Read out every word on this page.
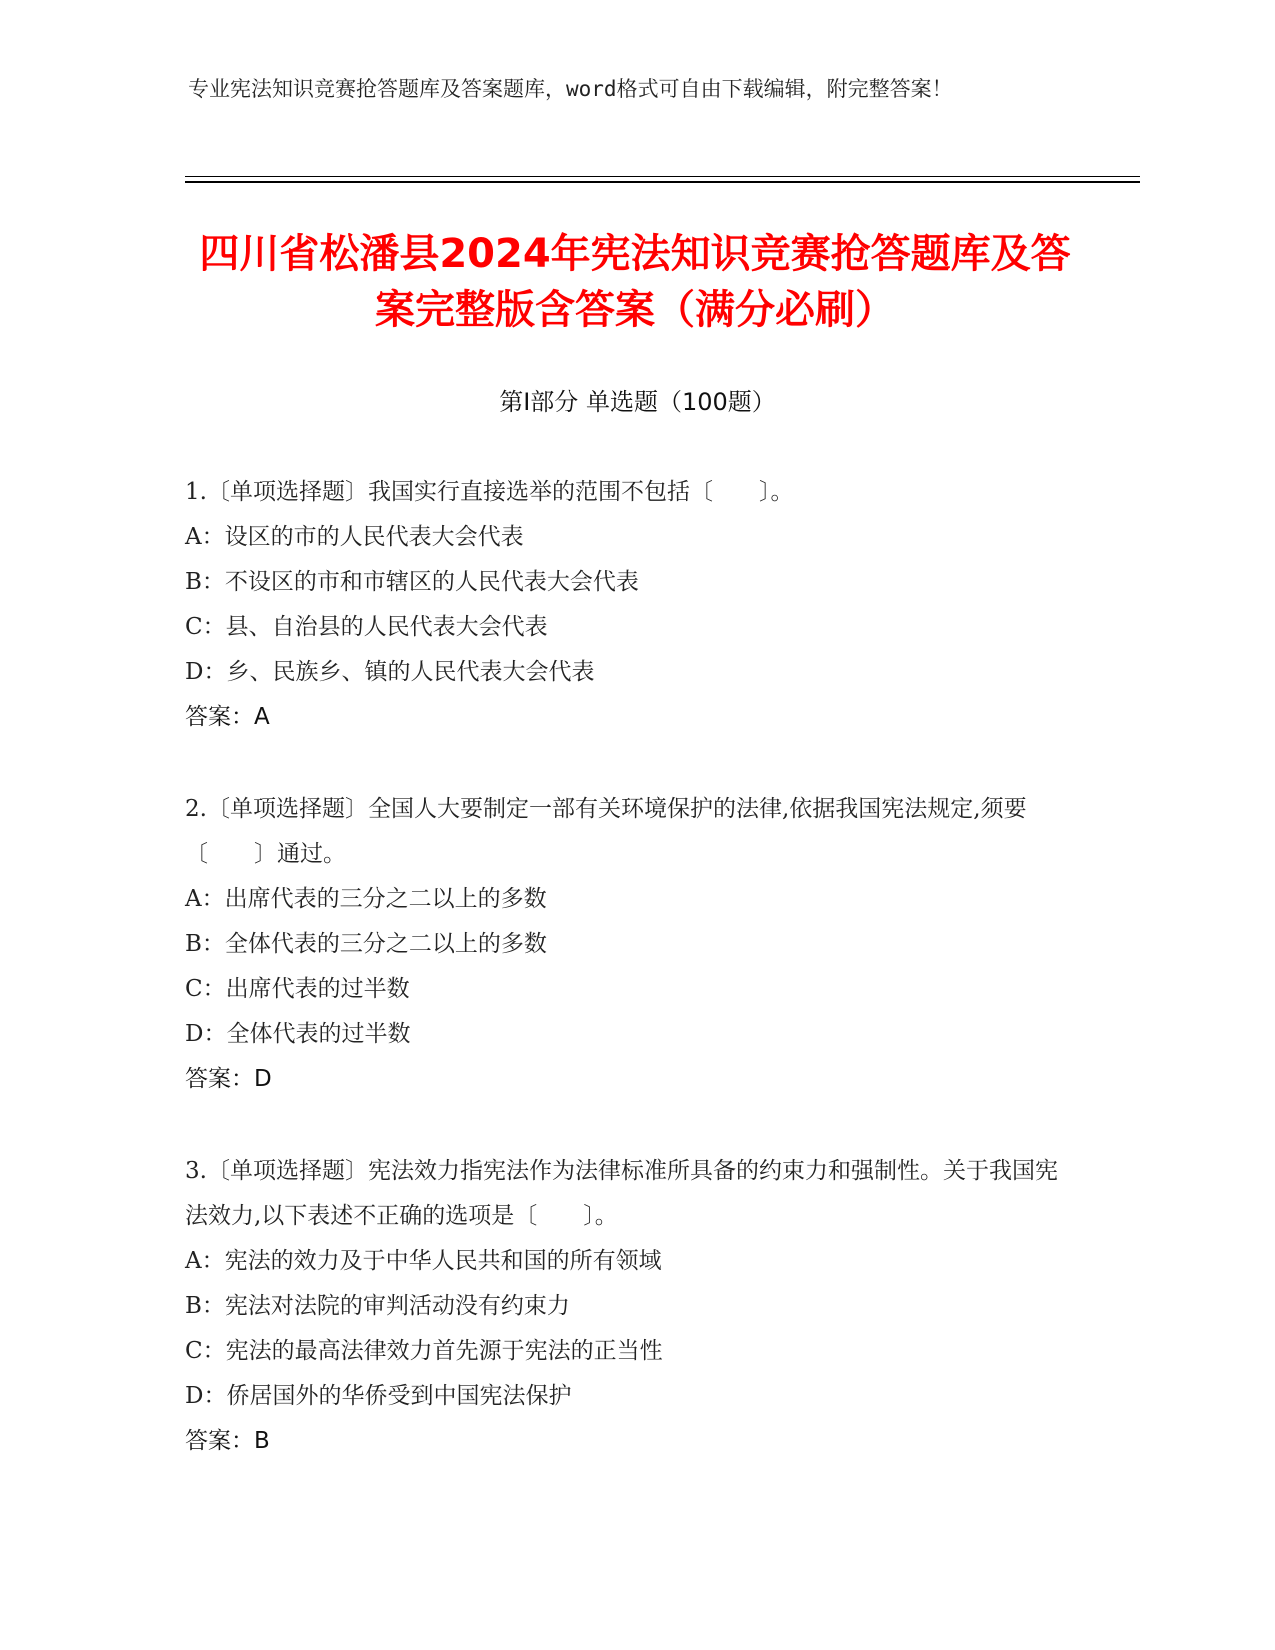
专业宪法知识竞赛抢答题库及答案题库，word格式可自由下载编辑，附完整答案！
四川省松潘县2024年宪法知识竞赛抢答题库及答案完整版含答案（满分必刷）
第Ⅰ部分 单选题（100题）
1.〔单项选择题〕我国实行直接选举的范围不包括〔　　〕。
A：设区的市的人民代表大会代表
B：不设区的市和市辖区的人民代表大会代表
C：县、自治县的人民代表大会代表
D：乡、民族乡、镇的人民代表大会代表
答案：A
2.〔单项选择题〕全国人大要制定一部有关环境保护的法律,依据我国宪法规定,须要〔　　〕通过。
A：出席代表的三分之二以上的多数
B：全体代表的三分之二以上的多数
C：出席代表的过半数
D：全体代表的过半数
答案：D
3.〔单项选择题〕宪法效力指宪法作为法律标准所具备的约束力和强制性。关于我国宪法效力,以下表述不正确的选项是〔　　〕。
A：宪法的效力及于中华人民共和国的所有领域
B：宪法对法院的审判活动没有约束力
C：宪法的最高法律效力首先源于宪法的正当性
D：侨居国外的华侨受到中国宪法保护
答案：B
